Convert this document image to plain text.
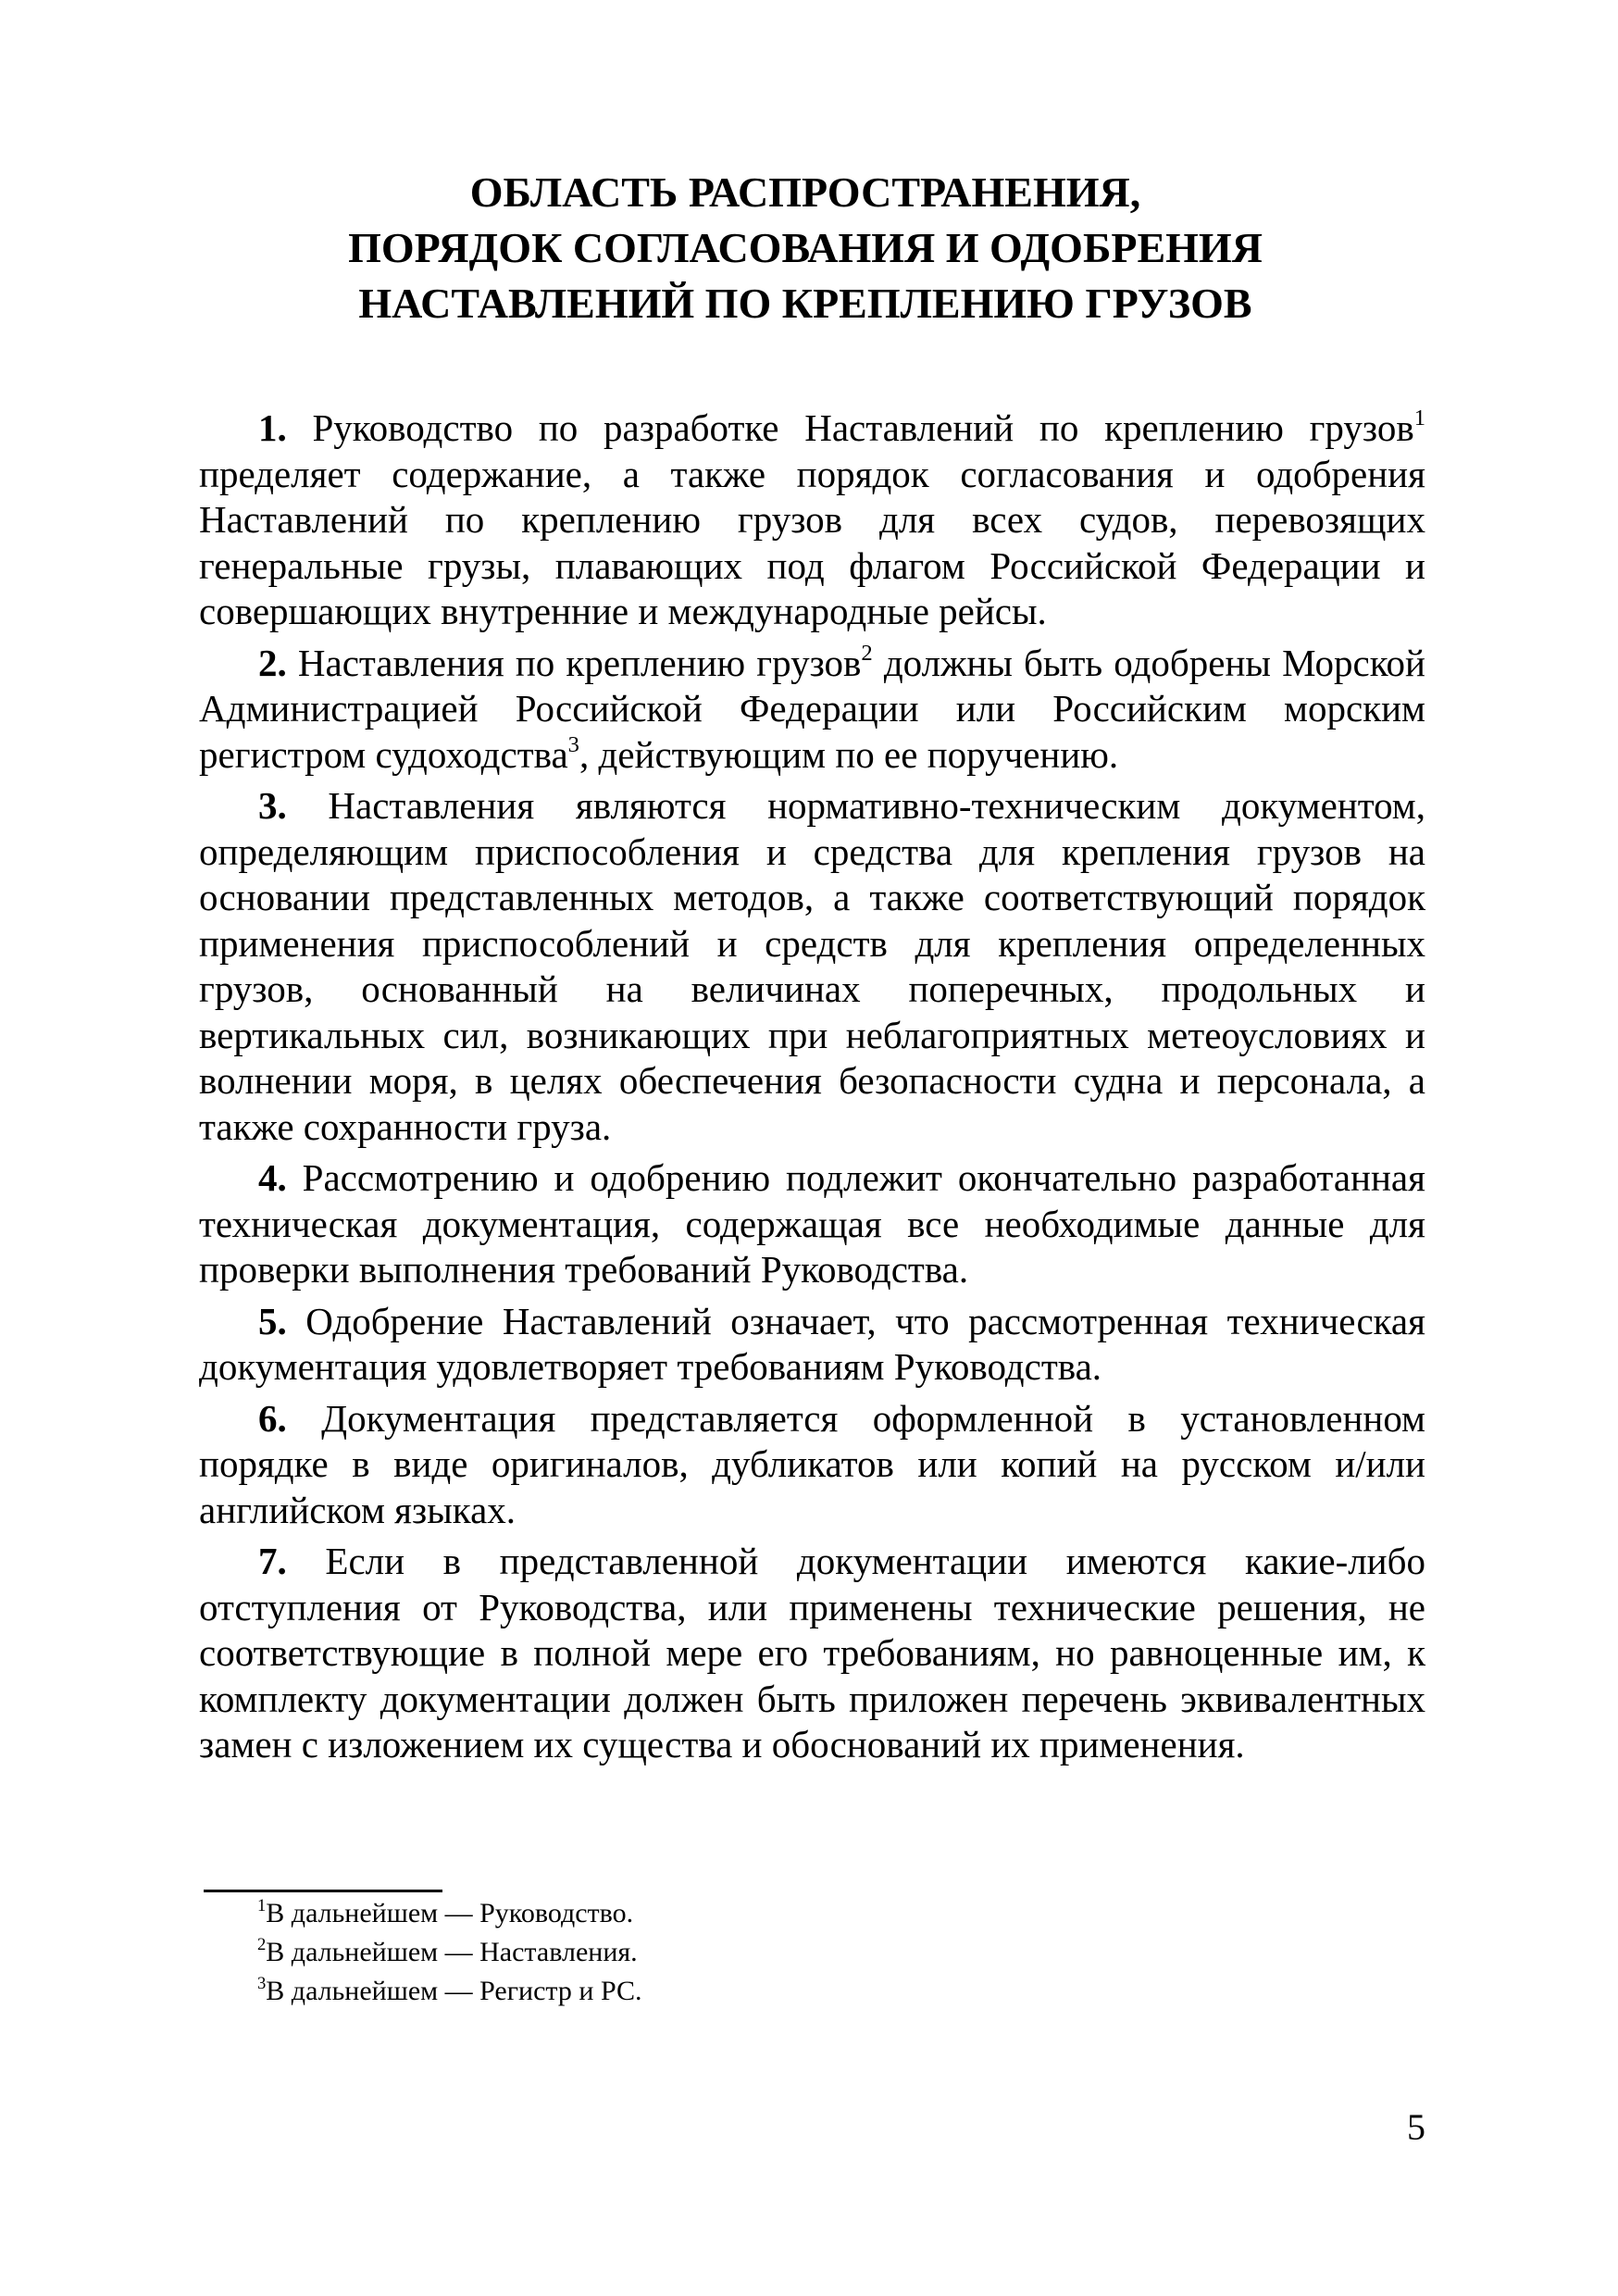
ОБЛАСТЬ РАСПРОСТРАНЕНИЯ,
ПОРЯДОК СОГЛАСОВАНИЯ И ОДОБРЕНИЯ
НАСТАВЛЕНИЙ ПО КРЕПЛЕНИЮ ГРУЗОВ

1. Руководство по разработке Наставлений по креплению грузов$^1$ пределяет содержание, а также порядок согласования и одобрения Наставлений по креплению грузов для всех судов, перевозящих генеральные грузы, плавающих под флагом Российской Федерации и совершающих внутренние и международные рейсы.

2. Наставления по креплению грузов$^2$ должны быть одобрены Морской Администрацией Российской Федерации или Российским морским регистром судоходства$^3$, действующим по ее поручению.

3. Наставления являются нормативно-техническим документом, определяющим приспособления и средства для крепления грузов на основании представленных методов, а также соответствующий порядок применения приспособлений и средств для крепления определенных грузов, основанный на величинах поперечных, продольных и вертикальных сил, возникающих при неблагоприятных метеоусловиях и волнении моря, в целях обеспечения безопасности судна и персонала, а также сохранности груза.

4. Рассмотрению и одобрению подлежит окончательно разработанная техническая документация, содержащая все необходимые данные для проверки выполнения требований Руководства.

5. Одобрение Наставлений означает, что рассмотренная техническая документация удовлетворяет требованиям Руководства.

6. Документация представляется оформленной в установленном порядке в виде оригиналов, дубликатов или копий на русском и/или английском языках.

7. Если в представленной документации имеются какие-либо отступления от Руководства, или применены технические решения, не соответствующие в полной мере его требованиям, но равноценные им, к комплекту документации должен быть приложен перечень эквивалентных замен с изложением их существа и обоснований их применения.

$^1$В дальнейшем — Руководство.
$^2$В дальнейшем — Наставления.
$^3$В дальнейшем — Регистр и РС.
5
